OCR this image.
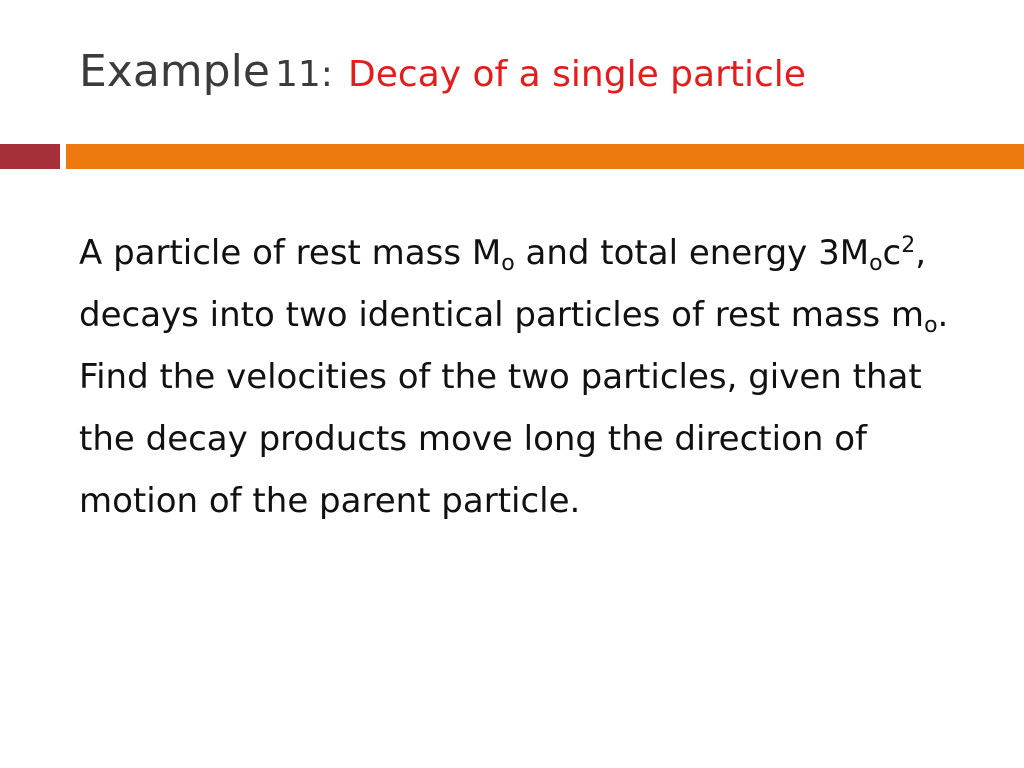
Example 11: Decay of a single particle

A particle of rest mass $M_o$ and total energy $3M_oc^2$, decays into two identical particles of rest mass $m_o$. Find the velocities of the two particles, given that the decay products move long the direction of motion of the parent particle.
